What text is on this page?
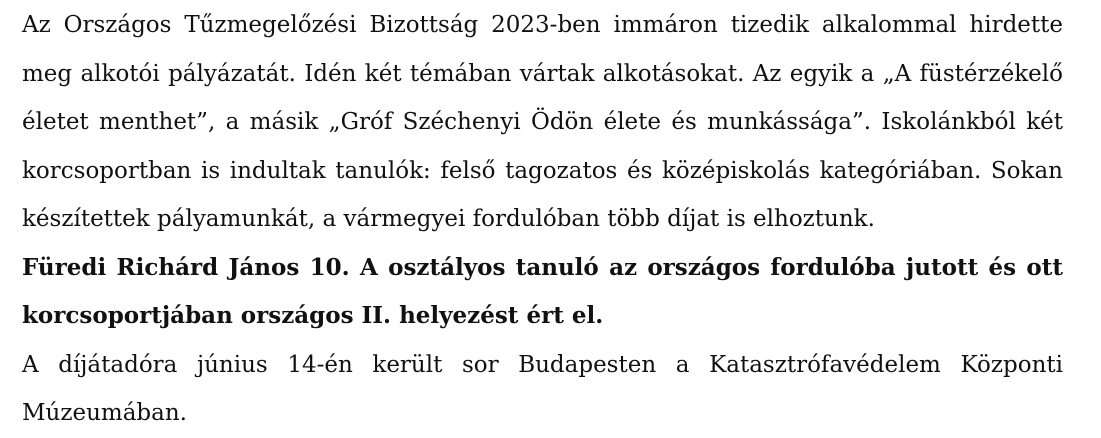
Az Országos Tűzmegelőzési Bizottság 2023-ben immáron tizedik alkalommal hirdette meg alkotói pályázatát. Idén két témában vártak alkotásokat. Az egyik a „A füstérzékelő életet menthet”, a másik „Gróf Széchenyi Ödön élete és munkássága”. Iskolánkból két korcsoportban is indultak tanulók: felső tagozatos és középiskolás kategóriában. Sokan készítettek pályamunkát, a vármegyei fordulóban több díjat is elhoztunk.

Füredi Richárd János 10. A osztályos tanuló az országos fordulóba jutott és ott korcsoportjában országos II. helyezést ért el.

A díjátadóra június 14-én került sor Budapesten a Katasztrófavédelem Központi Múzeumában.
